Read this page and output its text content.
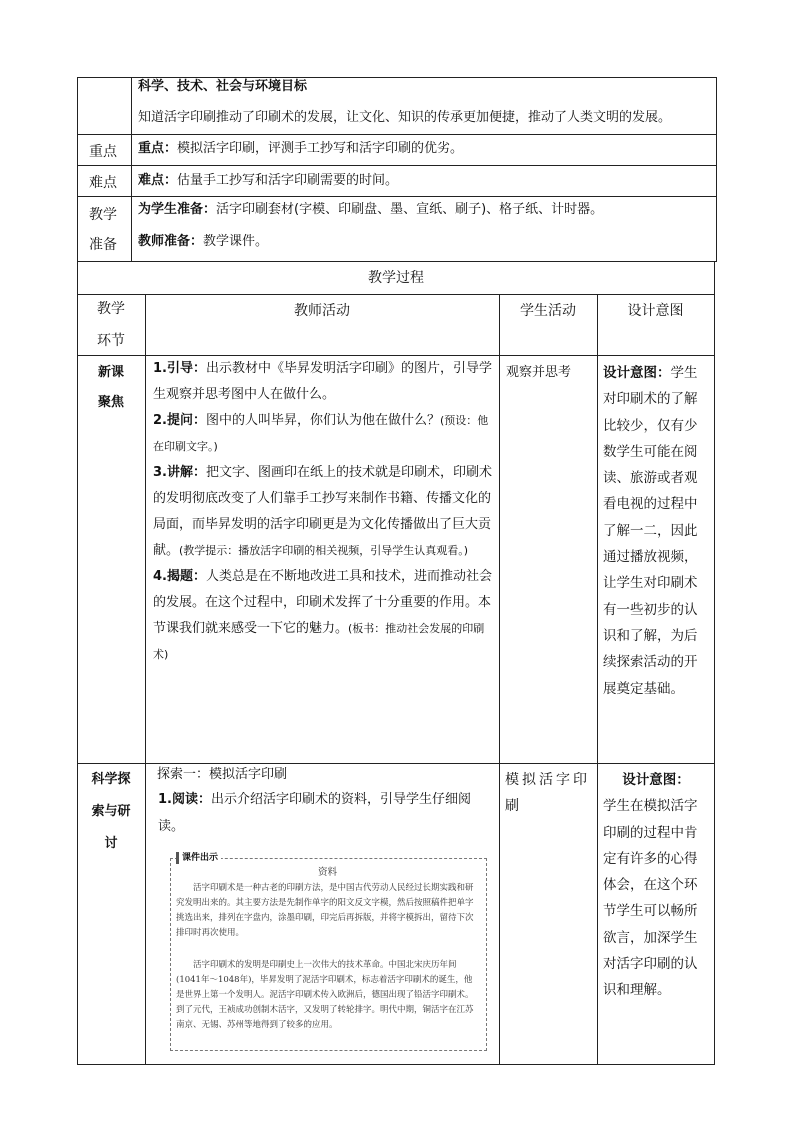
科学、技术、社会与环境目标
知道活字印刷推动了印刷术的发展，让文化、知识的传承更加便捷，推动了人类文明的发展。
重点 重点：模拟活字印刷，评测手工抄写和活字印刷的优劣。
难点 难点：估量手工抄写和活字印刷需要的时间。
教学
准备
为学生准备：活字印刷套材(字模、印刷盘、墨、宣纸、刷子)、格子纸、计时器。
教师准备：教学课件。
教学过程
教学
环节
教师活动	学生活动	设计意图
新课
聚焦
1.引导：出示教材中《毕昇发明活字印刷》的图片，引导学生观察并思考图中人在做什么。
2.提问：图中的人叫毕昇，你们认为他在做什么？(预设：他在印刷文字。)
3.讲解：把文字、图画印在纸上的技术就是印刷术，印刷术的发明彻底改变了人们靠手工抄写来制作书籍、传播文化的局面，而毕昇发明的活字印刷更是为文化传播做出了巨大贡献。(教学提示：播放活字印刷的相关视频，引导学生认真观看。)
4.揭题：人类总是在不断地改进工具和技术，进而推动社会的发展。在这个过程中，印刷术发挥了十分重要的作用。本节课我们就来感受一下它的魅力。(板书：推动社会发展的印刷术)
观察并思考 设计意图：学生对印刷术的了解比较少，仅有少数学生可能在阅读、旅游或者观看电视的过程中了解一二，因此通过播放视频，让学生对印刷术有一些初步的认识和了解，为后续探索活动的开展奠定基础。
科学探
索与研
讨
探索一：模拟活字印刷
1.阅读：出示介绍活字印刷术的资料，引导学生仔细阅读。
课件出示
资料
活字印刷术是一种古老的印刷方法，是中国古代劳动人民经过长期实践和研究发明出来的。其主要方法是先制作单字的阳文反文字模，然后按照稿件把单字挑选出来，排列在字盘内，涂墨印刷，印完后再拆版，并将字模拆出，留待下次排印时再次使用。
活字印刷术的发明是印刷史上一次伟大的技术革命。中国北宋庆历年间(1041年～1048年)，毕昇发明了泥活字印刷术，标志着活字印刷术的诞生，他是世界上第一个发明人。泥活字印刷术传入欧洲后，德国出现了铅活字印刷术。到了元代，王祯成功创制木活字，又发明了转轮排字。明代中期，铜活字在江苏南京、无锡、苏州等地得到了较多的应用。
模拟活字印刷
设计意图：
学生在模拟活字印刷的过程中肯定有许多的心得体会，在这个环节学生可以畅所欲言，加深学生对活字印刷的认识和理解。
